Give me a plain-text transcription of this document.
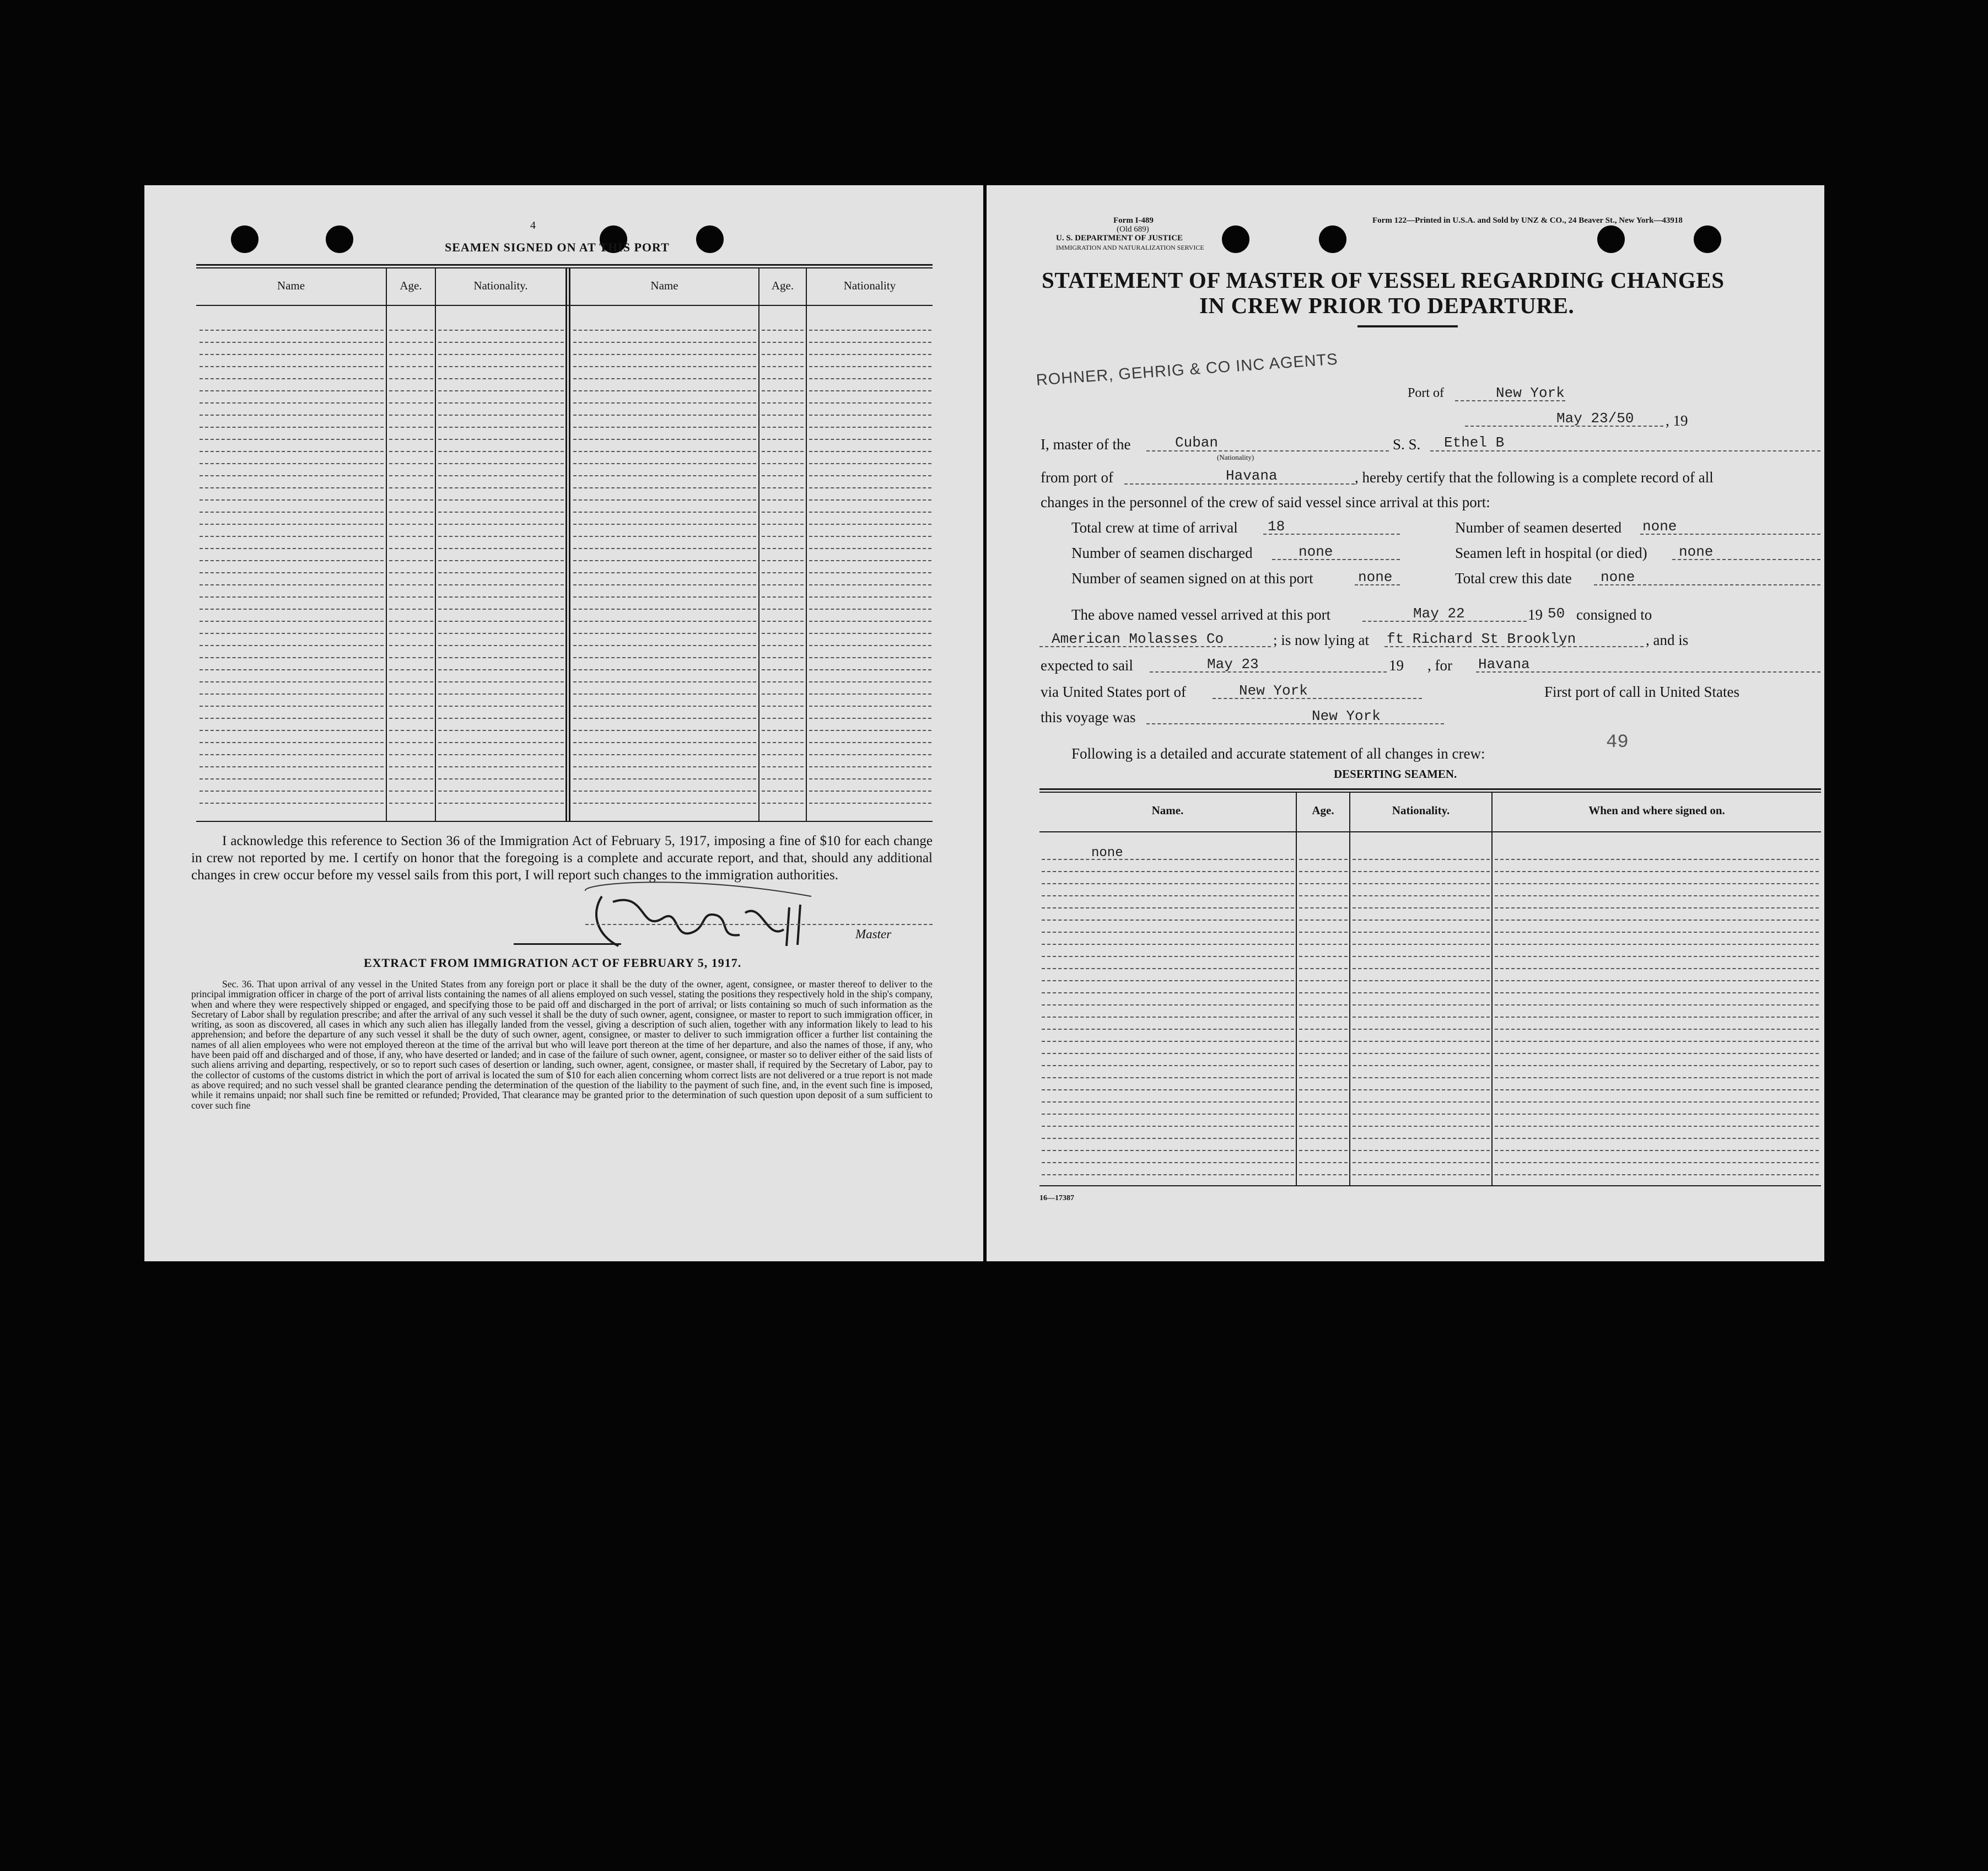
4
SEAMEN SIGNED ON AT THIS PORT
Name	Age.	Nationality.	Name	Age.	Nationality
I acknowledge this reference to Section 36 of the Immigration Act of February 5, 1917, imposing a fine of $10 for each change in crew not reported by me. I certify on honor that the foregoing is a complete and accurate report, and that, should any additional changes in crew occur before my vessel sails from this port, I will report such changes to the immigration authorities.
Master
EXTRACT FROM IMMIGRATION ACT OF FEBRUARY 5, 1917.
Sec. 36. That upon arrival of any vessel in the United States from any foreign port or place it shall be the duty of the owner, agent, consignee, or master thereof to deliver to the principal immigration officer in charge of the port of arrival lists containing the names of all aliens employed on such vessel, stating the positions they respectively hold in the ship's company, when and where they were respectively shipped or engaged, and specifying those to be paid off and discharged in the port of arrival; or lists containing so much of such information as the Secretary of Labor shall by regulation prescribe; and after the arrival of any such vessel it shall be the duty of such owner, agent, consignee, or master to report to such immigration officer, in writing, as soon as discovered, all cases in which any such alien has illegally landed from the vessel, giving a description of such alien, together with any information likely to lead to his apprehension; and before the departure of any such vessel it shall be the duty of such owner, agent, consignee, or master to deliver to such immigration officer a further list containing the names of all alien employees who were not employed thereon at the time of the arrival but who will leave port thereon at the time of her departure, and also the names of those, if any, who have been paid off and discharged and of those, if any, who have deserted or landed; and in case of the failure of such owner, agent, consignee, or master so to deliver either of the said lists of such aliens arriving and departing, respectively, or so to report such cases of desertion or landing, such owner, agent, consignee, or master shall, if required by the Secretary of Labor, pay to the collector of customs of the customs district in which the port of arrival is located the sum of $10 for each alien concerning whom correct lists are not delivered or a true report is not made as above required; and no such vessel shall be granted clearance pending the determination of the question of the liability to the payment of such fine, and, in the event such fine is imposed, while it remains unpaid; nor shall such fine be remitted or refunded; Provided, That clearance may be granted prior to the determination of such question upon deposit of a sum sufficient to cover such fine
Form I-489
(Old 689)
U. S. DEPARTMENT OF JUSTICE
IMMIGRATION AND NATURALIZATION SERVICE
Form 122—Printed in U.S.A. and Sold by UNZ & CO., 24 Beaver St., New York—43918
STATEMENT OF MASTER OF VESSEL REGARDING CHANGES
IN CREW PRIOR TO DEPARTURE.
ROHNER, GEHRIG & CO INC AGENTS
Port of	New York
May 23/50 , 19
I, master of the	Cuban
(Nationality)
S. S. Ethel B
from port of	Havana	, hereby certify that the following is a complete record of all
changes in the personnel of the crew of said vessel since arrival at this port:
Total crew at time of arrival 18	Number of seamen deserted none
Number of seamen discharged	none	Seamen left in hospital (or died) none
Number of seamen signed on at this port	none	Total crew this date none
The above named vessel arrived at this port	May 22	19 50 consigned to
American Molasses Co	; is now lying at ft Richard St Brooklyn	, and is
expected to sail	May 23	19 , for Havana
via United States port of	New York	First port of call in United States
this voyage was	New York
Following is a detailed and accurate statement of all changes in crew:
49
DESERTING SEAMEN.
Name.	Age.	Nationality.	When and where signed on.
none
16—17387
